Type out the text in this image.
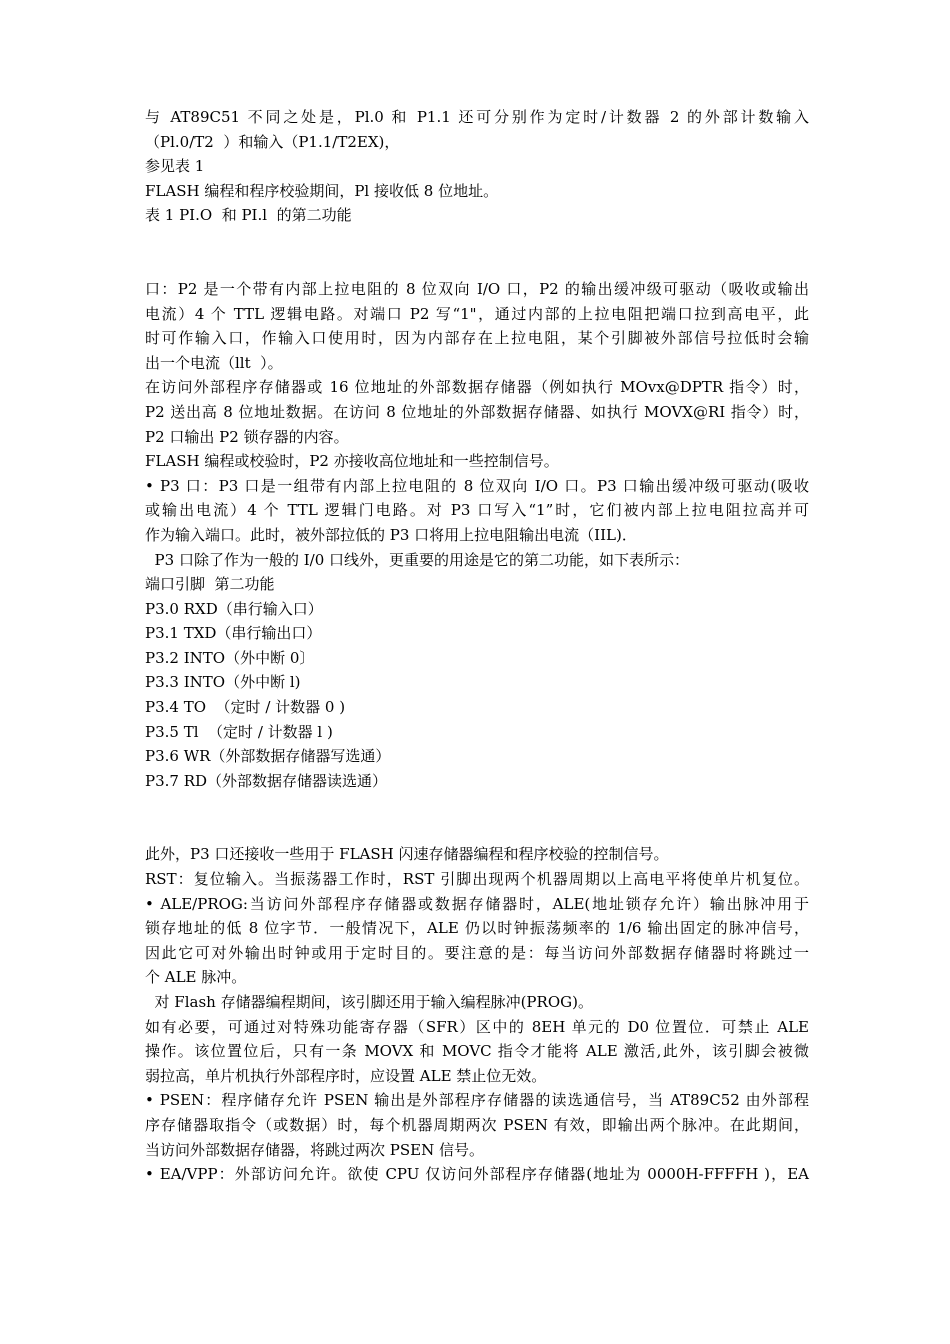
与 AT89C51 不同之处是，Pl.0 和 P1.1 还可分别作为定时/计数器 2 的外部计数输入
（Pl.0/T2  ）和输入（P1.1/T2EX)，
参见表 1
FLASH 编程和程序校验期间，Pl 接收低 8 位地址。
表 1 PI.O  和 PI.l  的第二功能
口：P2 是一个带有内部上拉电阻的 8 位双向 I/O 口，P2 的输出缓冲级可驱动（吸收或输出
电流）4 个 TTL 逻辑电路。对端口 P2 写“1"，通过内部的上拉电阻把端口拉到高电平，此
时可作输入口，作输入口使用时，因为内部存在上拉电阻，某个引脚被外部信号拉低时会输
出一个电流（llt  ）。
在访问外部程序存储器或 16 位地址的外部数据存储器（例如执行 MOvx@DPTR 指令）时，
P2 送出高 8 位地址数据。在访问 8 位地址的外部数据存储器、如执行 MOVX@RI 指令）时，
P2 口输出 P2 锁存器的内容。
FLASH 编程或校验时，P2 亦接收高位地址和一些控制信号。
• P3 口：P3 口是一组带有内部上拉电阻的 8 位双向 I/O 口。P3 口输出缓冲级可驱动(吸收
或输出电流）4 个 TTL 逻辑门电路。对 P3 口写入“1”时，它们被内部上拉电阻拉高并可
作为输入端口。此时，被外部拉低的 P3 口将用上拉电阻输出电流（IIL)．
P3 口除了作为一般的 I/0 口线外，更重要的用途是它的第二功能，如下表所示：
端口引脚  第二功能
P3.0 RXD（串行输入口）
P3.1 TXD（串行输出口）
P3.2 INTO（外中断 0〕
P3.3 INTO（外中断 l)
P3.4 TO  （定时 / 计数器 0 )
P3.5 Tl  （定时 / 计数器 l )
P3.6 WR（外部数据存储器写选通）
P3.7 RD（外部数据存储器读选通）
此外，P3 口还接收一些用于 FLASH 闪速存储器编程和程序校验的控制信号。
RST：复位输入。当振荡器工作时，RST 引脚出现两个机器周期以上高电平将使单片机复位。
• ALE/PROG:当访问外部程序存储器或数据存储器时，ALE(地址锁存允许）输出脉冲用于
锁存地址的低 8 位字节．一般情况下，ALE 仍以时钟振荡频率的 1/6 输出固定的脉冲信号，
因此它可对外输出时钟或用于定时目的。要注意的是：每当访问外部数据存储器时将跳过一
个 ALE 脉冲。
对 Flash 存储器编程期间，该引脚还用于输入编程脉冲(PROG)。
如有必要，可通过对特殊功能寄存器（SFR）区中的 8EH 单元的 D0 位置位．可禁止 ALE
操作。该位置位后，只有一条 MOVX 和 MOVC 指令才能将 ALE 激活,此外，该引脚会被微
弱拉高，单片机执行外部程序时，应设置 ALE 禁止位无效。
• PSEN：程序储存允许 PSEN 输出是外部程序存储器的读选通信号，当 AT89C52 由外部程
序存储器取指令（或数据）时，每个机器周期两次 PSEN 有效，即输出两个脉冲。在此期间，
当访问外部数据存储器，将跳过两次 PSEN 信号。
• EA/VPP：外部访问允许。欲使 CPU 仅访问外部程序存储器(地址为 0000H-FFFFH )，EA
